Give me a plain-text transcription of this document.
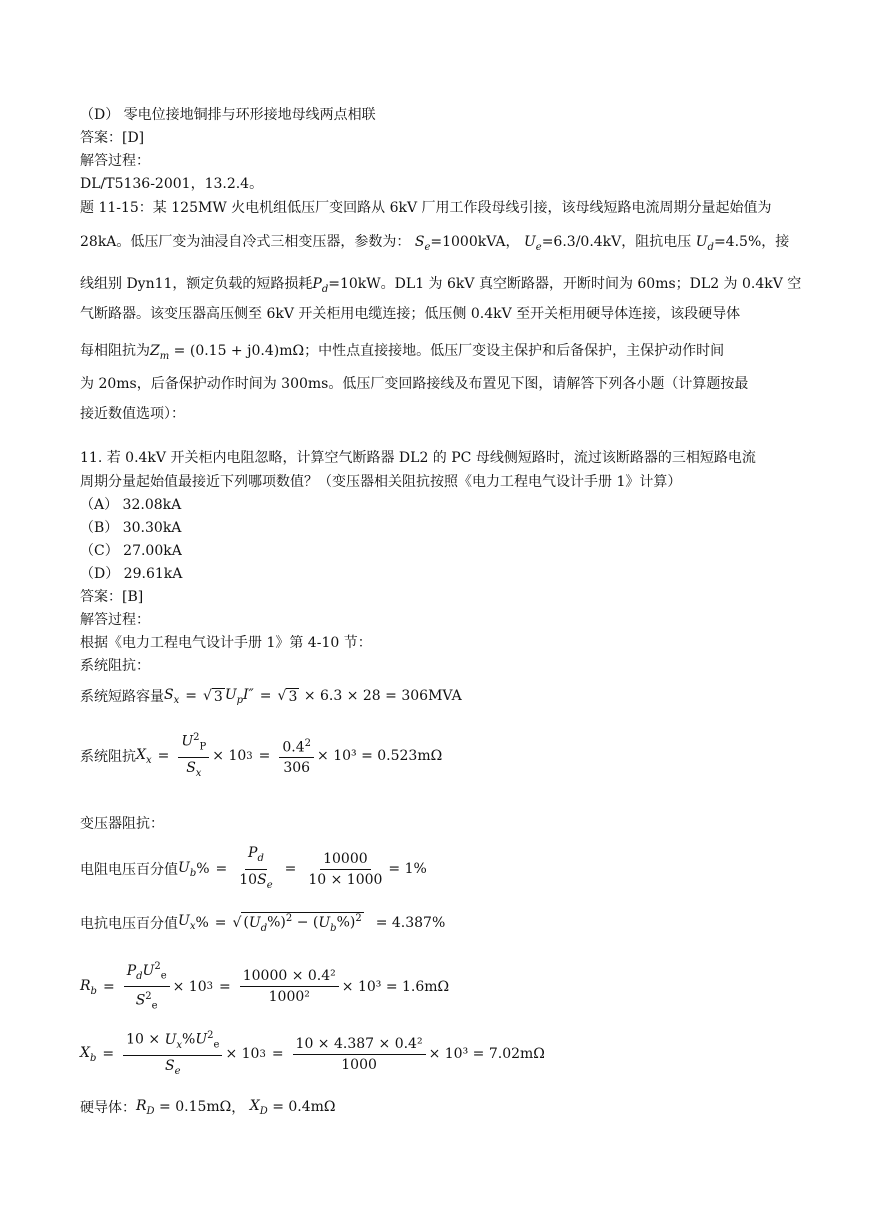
（D） 零电位接地铜排与环形接地母线两点相联
答案：[D]
解答过程：
DL/T5136-2001，13.2.4。
题 11-15：某 125MW 火电机组低压厂变回路从 6kV 厂用工作段母线引接，该母线短路电流周期分量起始值为
28kA。低压厂变为油浸自冷式三相变压器，参数为： $S_e=1000kVA$， $U_e=6.3/0.4kV$，阻抗电压 $U_d=4.5\%$，接
线组别 Dyn11，额定负载的短路损耗$P_d=10kW$。DL1 为 6kV 真空断路器，开断时间为 60ms；DL2 为 0.4kV 空
气断路器。该变压器高压侧至 6kV 开关柜用电缆连接；低压侧 0.4kV 至开关柜用硬导体连接，该段硬导体
每相阻抗为$Z_m = (0.15 + j0.4)m\Omega$；中性点直接接地。低压厂变设主保护和后备保护，主保护动作时间
为 20ms，后备保护动作时间为 300ms。低压厂变回路接线及布置见下图，请解答下列各小题（计算题按最
接近数值选项）：
11. 若 0.4kV 开关柜内电阻忽略，计算空气断路器 DL2 的 PC 母线侧短路时，流过该断路器的三相短路电流
周期分量起始值最接近下列哪项数值？（变压器相关阻抗按照《电力工程电气设计手册 1》计算）
（A） 32.08kA
（B） 30.30kA
（C） 27.00kA
（D） 29.61kA
答案：[B]
解答过程：
根据《电力工程电气设计手册 1》第 4-10 节：
系统阻抗：
系统短路容量 $S_x$ = √ 3 $U_pI''$ = √ 3
× 6.3 × 28 = 306MVA
系统阻抗 $X_x = \frac{U^2_P}{S_x} \times 10$ $3 = \frac{0.4^2}{306} \times 10^3 = 0.523m\Omega$
变压器阻抗：
电阻电压百分值 $U_b$ % = $\frac{P_d}{10S_e} = \frac{10000}{10 \times 1000} = 1\%$
电抗电压百分值 $U_x$ % = √ $(U_d\%)^2 - (U_b\%)^2 = 4.387\%$
$R_b = \frac{P_dU^2_e}{S^2_e} \times 10$ $3 = \frac{\text{10000 × 0.4²}}{\text{1000²}} \times 10^3 = 1.6m\Omega$
$X_b = \frac{10 \times U_x\%U^2_e}{S_e} \times 10$ $3 = \frac{\text{10 × 4.387 × 0.4²}}{1000} \times 10^3 = 7.02m\Omega$
硬导体： $R_D$
= 0.15mΩ ， $X_D$
= 0.4mΩ
